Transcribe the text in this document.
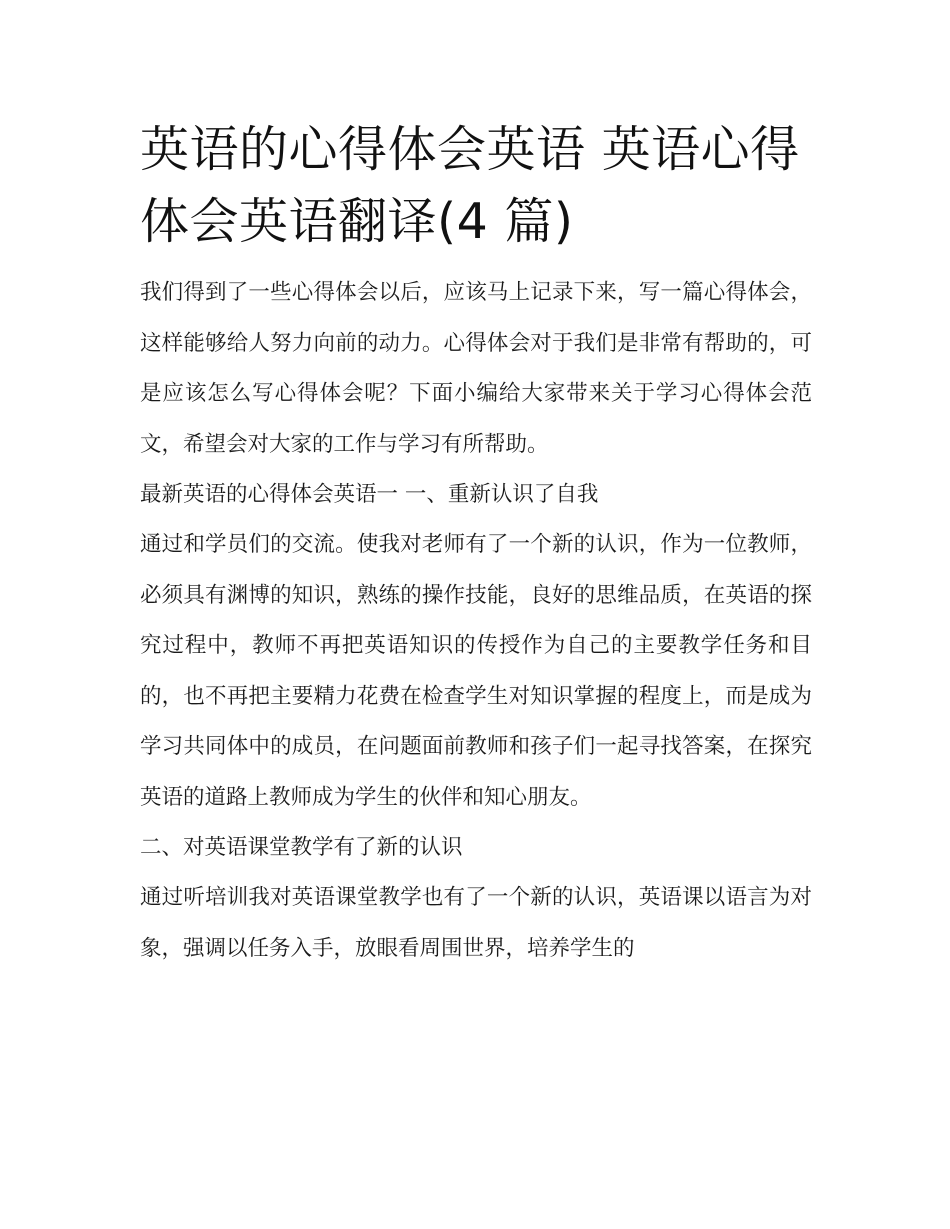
英语的心得体会英语 英语心得
体会英语翻译(4 篇)

我们得到了一些心得体会以后，应该马上记录下来，写一篇心得体会，这样能够给人努力向前的动力。心得体会对于我们是非常有帮助的，可是应该怎么写心得体会呢？下面小编给大家带来关于学习心得体会范文，希望会对大家的工作与学习有所帮助。

最新英语的心得体会英语一 一、重新认识了自我

通过和学员们的交流。使我对老师有了一个新的认识，作为一位教师，必须具有渊博的知识，熟练的操作技能，良好的思维品质，在英语的探究过程中，教师不再把英语知识的传授作为自己的主要教学任务和目的，也不再把主要精力花费在检查学生对知识掌握的程度上，而是成为学习共同体中的成员，在问题面前教师和孩子们一起寻找答案，在探究英语的道路上教师成为学生的伙伴和知心朋友。

二、对英语课堂教学有了新的认识

通过听培训我对英语课堂教学也有了一个新的认识，英语课以语言为对象，强调以任务入手，放眼看周围世界，培养学生的
